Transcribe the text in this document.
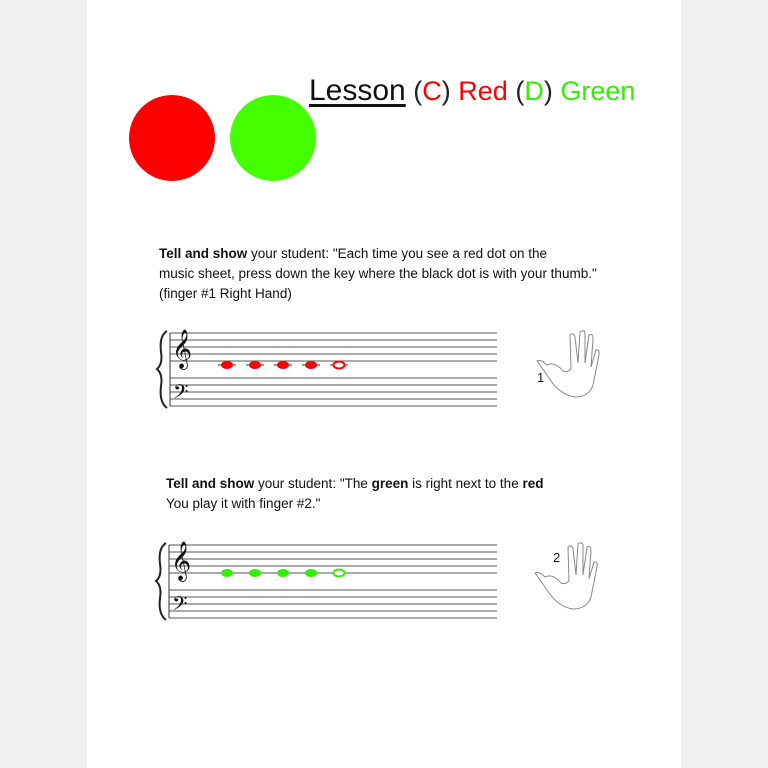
Lesson (C) Red (D) Green
Tell and show your student: "Each time you see a red dot on the
music sheet, press down the key where the black dot is with your thumb."
(finger #1 Right Hand)
Tell and show your student: "The green is right next to the red
You play it with finger #2."
𝄞
𝄢
1
𝄞
𝄢
2
